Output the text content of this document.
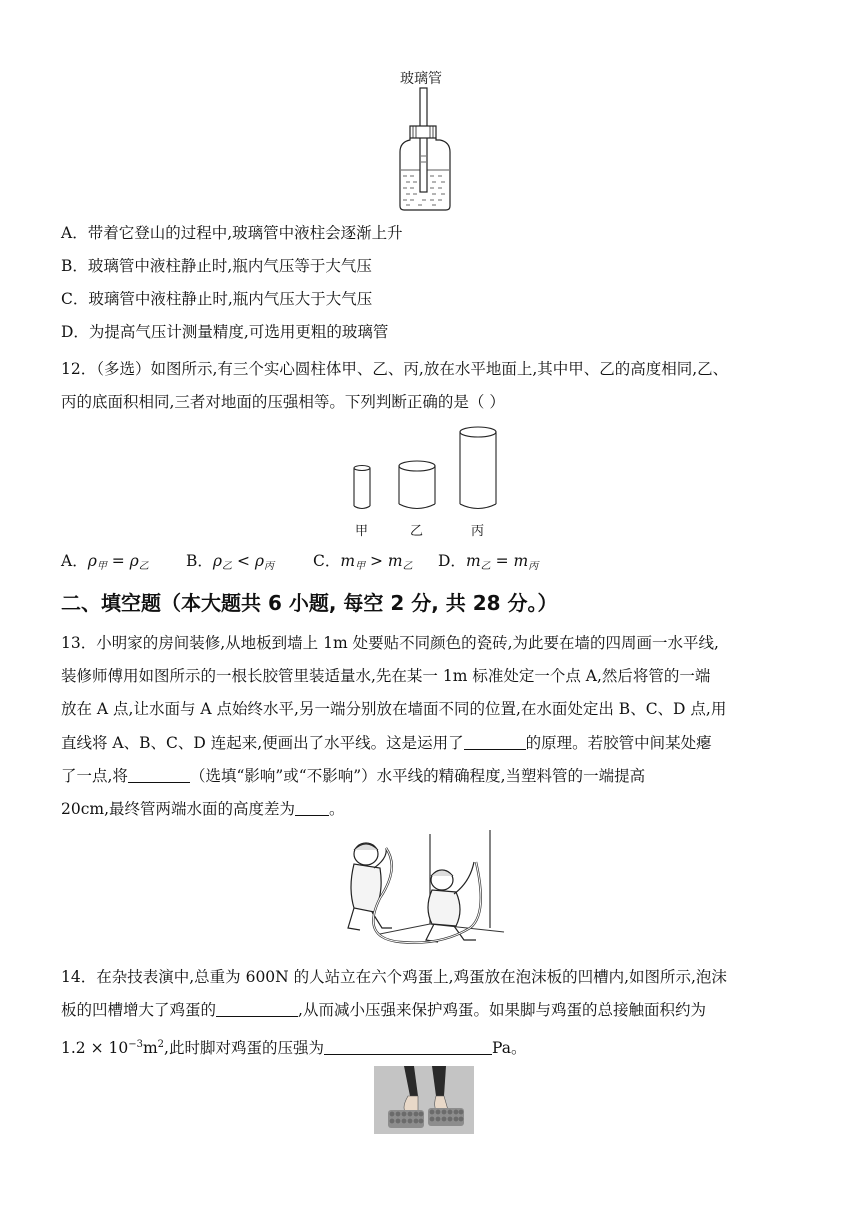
玻璃管
A．带着它登山的过程中,玻璃管中液柱会逐渐上升
B．玻璃管中液柱静止时,瓶内气压等于大气压
C．玻璃管中液柱静止时,瓶内气压大于大气压
D．为提高气压计测量精度,可选用更粗的玻璃管
12．（多选）如图所示,有三个实心圆柱体甲、乙、丙,放在水平地面上,其中甲、乙的高度相同,乙、
丙的底面积相同,三者对地面的压强相等。下列判断正确的是（ ）
甲	乙	丙
A．$\rho_甲 = \rho_乙$ B．$\rho_乙 < \rho_丙$	C．$m_甲 > m_乙$ D．$m_乙 = m_丙$
二、填空题（本大题共 6 小题, 每空 2 分, 共 28 分。）
13．小明家的房间装修,从地板到墙上 1m 处要贴不同颜色的瓷砖,为此要在墙的四周画一水平线,
装修师傅用如图所示的一根长胶管里装适量水,先在某一 1m 标准处定一个点 A,然后将管的一端
放在 A 点,让水面与 A 点始终水平,另一端分别放在墙面不同的位置,在水面处定出 B、C、D 点,用
直线将 A、B、C、D 连起来,便画出了水平线。这是运用了	的原理。若胶管中间某处瘪
了一点,将	（选填“影响”或“不影响”）水平线的精确程度,当塑料管的一端提高
20cm,最终管两端水面的高度差为 。
14．在杂技表演中,总重为 600N 的人站立在六个鸡蛋上,鸡蛋放在泡沫板的凹槽内,如图所示,泡沫
板的凹槽增大了鸡蛋的	,从而减小压强来保护鸡蛋。如果脚与鸡蛋的总接触面积约为
$1.2 \times 10^{-3}m^2$,此时脚对鸡蛋的压强为	Pa。
